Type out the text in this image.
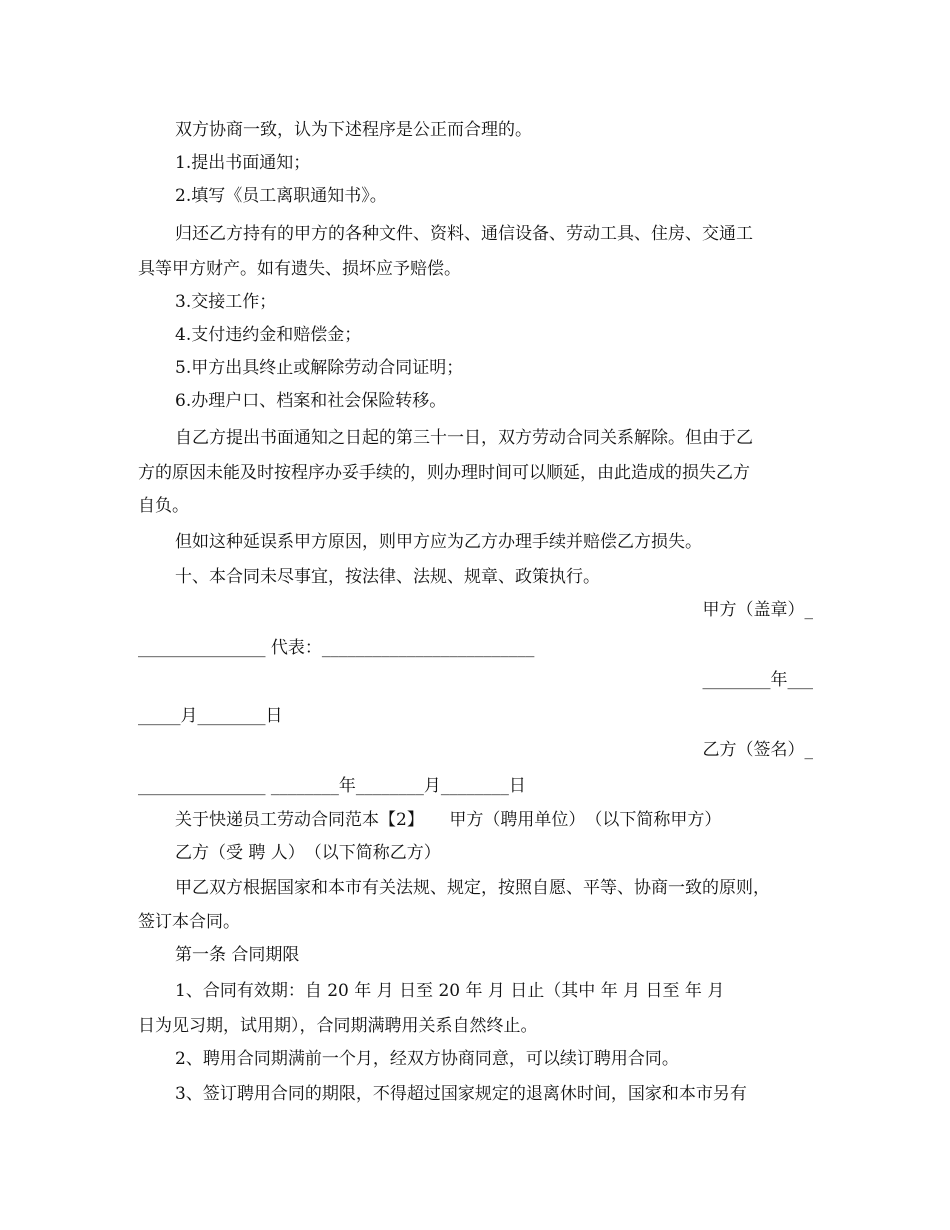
双方协商一致，认为下述程序是公正而合理的。
1.提出书面通知；
2.填写《员工离职通知书》。
归还乙方持有的甲方的各种文件、资料、通信设备、劳动工具、住房、交通工
具等甲方财产。如有遗失、损坏应予赔偿。
3.交接工作；
4.支付违约金和赔偿金；
5.甲方出具终止或解除劳动合同证明；
6.办理户口、档案和社会保险转移。
自乙方提出书面通知之日起的第三十一日，双方劳动合同关系解除。但由于乙
方的原因未能及时按程序办妥手续的，则办理时间可以顺延，由此造成的损失乙方
自负。
但如这种延误系甲方原因，则甲方应为乙方办理手续并赔偿乙方损失。
十、本合同未尽事宜，按法律、法规、规章、政策执行。
甲方（盖章）_
_______________ 代表：_________________________
________年___
_____月________日
乙方（签名）_
_______________ ________年________月________日
关于快递员工劳动合同范本【2】　　甲方（聘用单位）　（以下简称甲方）
乙方（受 聘 人）　（以下简称乙方）
甲乙双方根据国家和本市有关法规、规定，按照自愿、平等、协商一致的原则，
签订本合同。
第一条 合同期限
1、合同有效期：自 20 年 月 日至 20 年 月 日止（其中 年 月 日至 年 月
日为见习期，试用期），合同期满聘用关系自然终止。
2、聘用合同期满前一个月，经双方协商同意，可以续订聘用合同。
3、签订聘用合同的期限，不得超过国家规定的退离休时间，国家和本市另有
